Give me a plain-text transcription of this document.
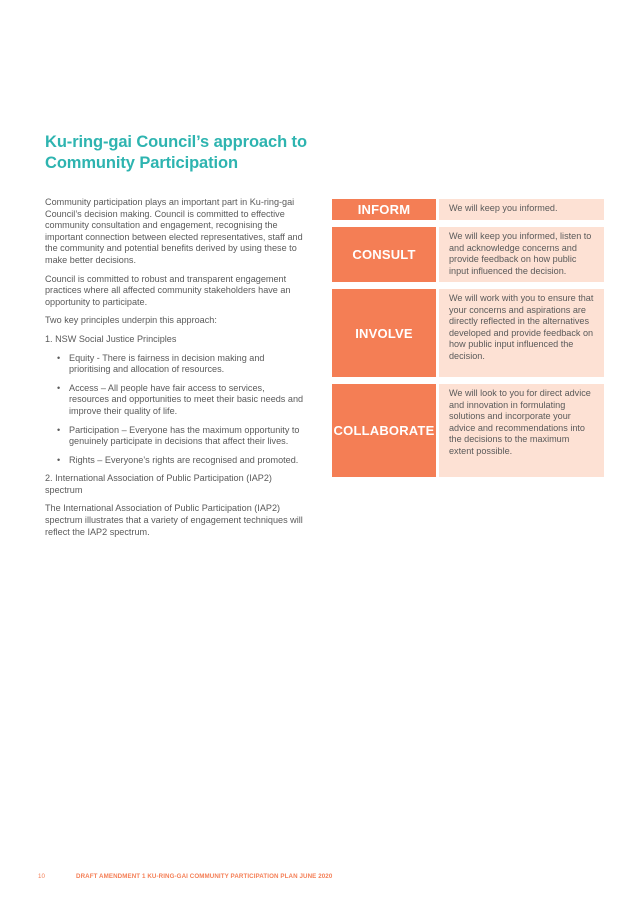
Ku-ring-gai Council’s approach to Community Participation

Community participation plays an important part in Ku-ring-gai Council’s decision making. Council is committed to effective community consultation and engagement, recognising the important connection between elected representatives, staff and the community and potential benefits derived by using these to make better decisions.

Council is committed to robust and transparent engagement practices where all affected community stakeholders have an opportunity to participate.

Two key principles underpin this approach:

1. NSW Social Justice Principles

• Equity - There is fairness in decision making and prioritising and allocation of resources.
• Access – All people have fair access to services, resources and opportunities to meet their basic needs and improve their quality of life.
• Participation – Everyone has the maximum opportunity to genuinely participate in decisions that affect their lives.
• Rights – Everyone’s rights are recognised and promoted.

2. International Association of Public Participation (IAP2) spectrum

The International Association of Public Participation (IAP2) spectrum illustrates that a variety of engagement techniques will reflect the IAP2 spectrum.

INFORM	We will keep you informed.
CONSULT
We will keep you informed, listen to and acknowledge concerns and provide feedback on how public input influenced the decision.
INVOLVE
We will work with you to ensure that your concerns and aspirations are directly reflected in the alternatives developed and provide feedback on how public input influenced the decision.
COLLABORATE
We will look to you for direct advice and innovation in formulating solutions and incorporate your advice and recommendations into the decisions to the maximum extent possible.
10	DRAFT AMENDMENT 1 KU-RING-GAI COMMUNITY PARTICIPATION PLAN JUNE 2020
